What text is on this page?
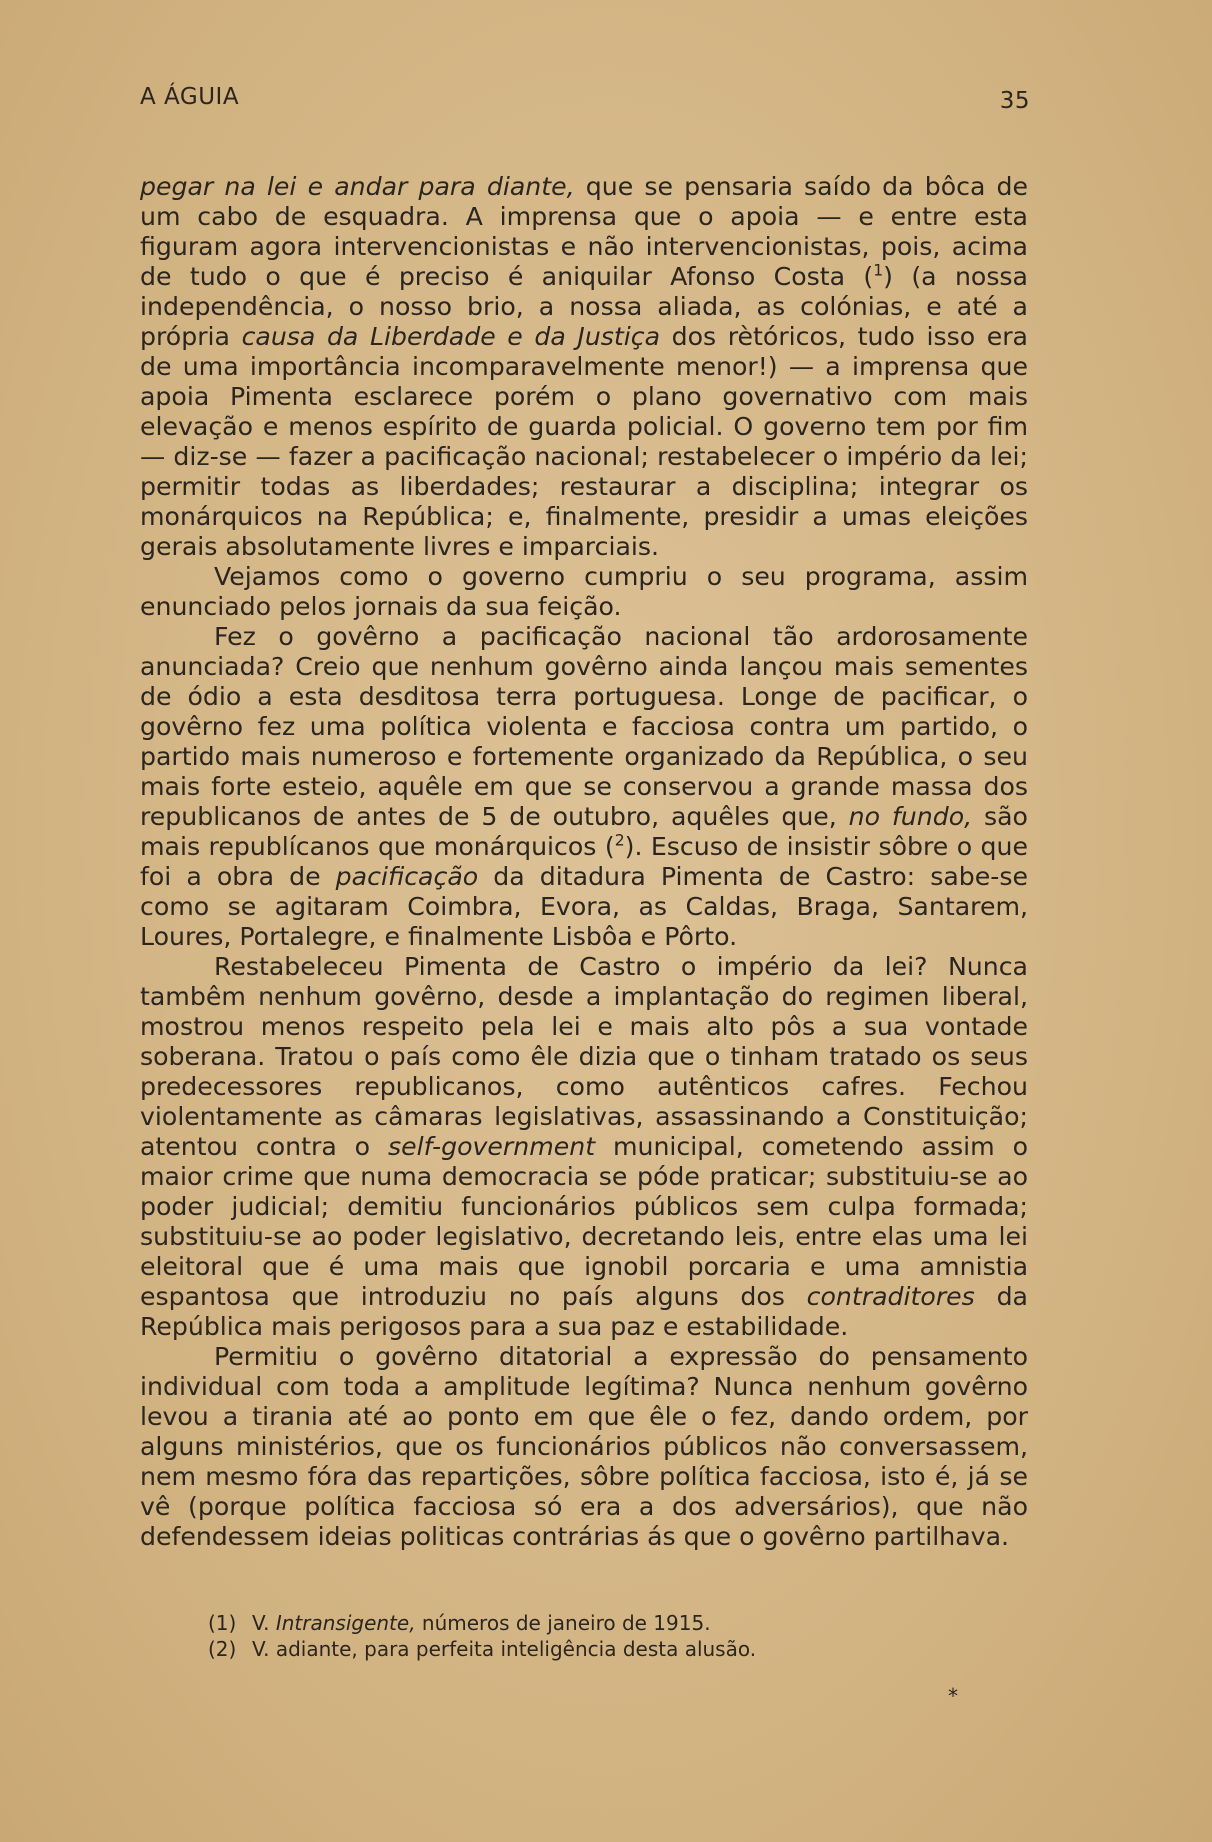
A ÁGUIA	35

pegar na lei e andar para diante, que se pensaria saído da bôca de um cabo de esquadra. A imprensa que o apoia — e entre esta figuram agora intervencionistas e não intervencionistas, pois, acima de tudo o que é preciso é aniquilar Afonso Costa ($^1$) (a nossa independência, o nosso brio, a nossa aliada, as colónias, e até a própria causa da Liberdade e da Justiça dos rètóricos, tudo isso era de uma importância incomparavelmente menor!) — a imprensa que apoia Pimenta esclarece porém o plano governativo com mais elevação e menos espírito de guarda policial. O governo tem por fim — diz-se — fazer a pacificação nacional; restabelecer o império da lei; permitir todas as liberdades; restaurar a disciplina; integrar os monárquicos na República; e, finalmente, presidir a umas eleições gerais absolutamente livres e imparciais.

Vejamos como o governo cumpriu o seu programa, assim enunciado pelos jornais da sua feição.

Fez o govêrno a pacificação nacional tão ardorosamente anunciada? Creio que nenhum govêrno ainda lançou mais sementes de ódio a esta desditosa terra portuguesa. Longe de pacificar, o govêrno fez uma política violenta e facciosa contra um partido, o partido mais numeroso e fortemente organizado da República, o seu mais forte esteio, aquêle em que se conservou a grande massa dos republicanos de antes de 5 de outubro, aquêles que, no fundo, são mais republícanos que monárquicos ($^2$). Escuso de insistir sôbre o que foi a obra de pacificação da ditadura Pimenta de Castro: sabe-se como se agitaram Coimbra, Evora, as Caldas, Braga, Santarem, Loures, Portalegre, e finalmente Lisbôa e Pôrto.

Restabeleceu Pimenta de Castro o império da lei? Nunca tambêm nenhum govêrno, desde a implantação do regimen liberal, mostrou menos respeito pela lei e mais alto pôs a sua vontade soberana. Tratou o país como êle dizia que o tinham tratado os seus predecessores republicanos, como autênticos cafres. Fechou violentamente as câmaras legislativas, assassinando a Constituição; atentou contra o self-government municipal, cometendo assim o maior crime que numa democracia se póde praticar; substituiu-se ao poder judicial; demitiu funcionários públicos sem culpa formada; substituiu-se ao poder legislativo, decretando leis, entre elas uma lei eleitoral que é uma mais que ignobil porcaria e uma amnistia espantosa que introduziu no país alguns dos contraditores da República mais perigosos para a sua paz e estabilidade.

Permitiu o govêrno ditatorial a expressão do pensamento individual com toda a amplitude legítima? Nunca nenhum govêrno levou a tirania até ao ponto em que êle o fez, dando ordem, por alguns ministérios, que os funcionários públicos não conversassem, nem mesmo fóra das repartições, sôbre política facciosa, isto é, já se vê (porque política facciosa só era a dos adversários), que não defendessem ideias politicas contrárias ás que o govêrno partilhava.

(1) V. Intransigente, números de janeiro de 1915.
(2) V. adiante, para perfeita inteligência desta alusão.
*
